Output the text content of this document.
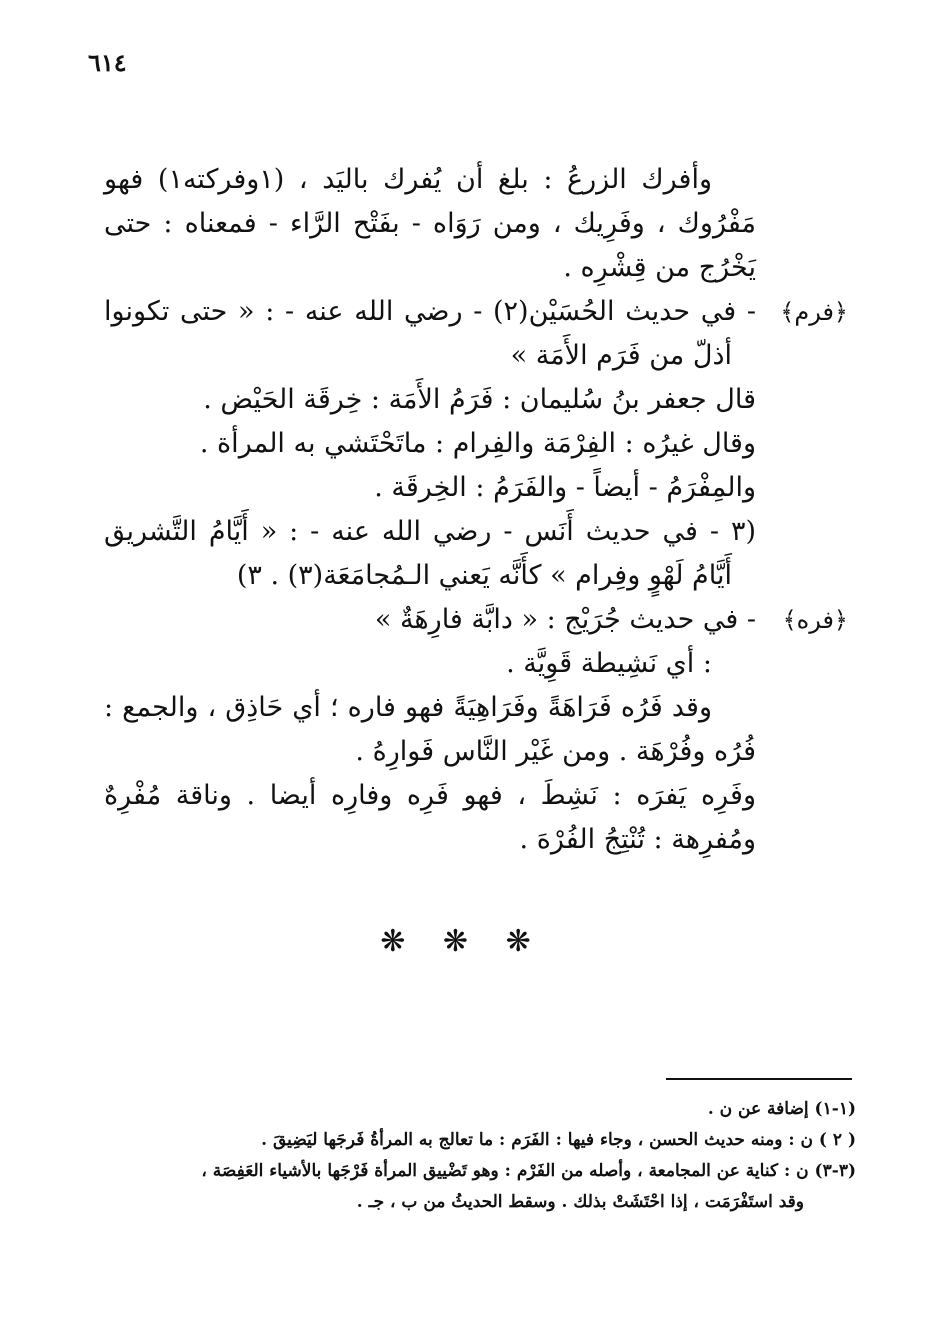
٦١٤

وأفرك الزرعُ : بلغ أن يُفرك باليَد ، (١وفركته١) فهو مَفْرُوك ، وفَرِيك ، ومن رَوَاه - بفَتْح الرَّاء - فمعناه : حتى يَخْرُج من قِشْرِه .

﴿فرم﴾

- في حديث الحُسَيْن(٢) - رضي الله عنه - : « حتى تكونوا أذلّ من فَرَم الأَمَة »

قال جعفر بنُ سُليمان : فَرَمُ الأَمَة : خِرقَة الحَيْض .

وقال غيرُه : الفِرْمَة والفِرام : ماتَحْتَشي به المرأة .

والمِفْرَمُ - أيضاً - والفَرَمُ : الخِرقَة .

(٣ - في حديث أَنَس - رضي الله عنه - : « أَيَّامُ التَّشريق أَيَّامُ لَهْوٍ وفِرام » كأَنَّه يَعني الـمُجامَعَة(٣) . ٣)

﴿فره﴾

- في حديث جُرَيْج : « دابَّة فارِهَةٌ »

: أي نَشِيطة قَوِيَّة .

وقد فَرُه فَرَاهَةً وفَرَاهِيَةً فهو فاره ؛ أي حَاذِق ، والجمع : فُرُه وفُرْهَة . ومن غَيْر النَّاس فَوارِهُ .

وفَرِه يَفرَه : نَشِطَ ، فهو فَرِه وفارِه أيضا . وناقة مُفْرِهٌ ومُفرِهة : تُنْتِجُ الفُرْهَ .

❋ ❋ ❋

(١-١) إضافة عن ن .

( ٢ ) ن : ومنه حديث الحسن ، وجاء فيها : الفَرَم : ما تعالج به المرأةُ فَرجَها ليَضِيقَ .

(٣-٣) ن : كناية عن المجامعة ، وأصله من الفَرْم : وهو تَضْييق المرأة فَرْجَها بالأشياء العَفِصَة ،

وقد استَفْرَمَت ، إذا احْتَشَتْ بذلك . وسقط الحديثُ من ب ، جـ .
